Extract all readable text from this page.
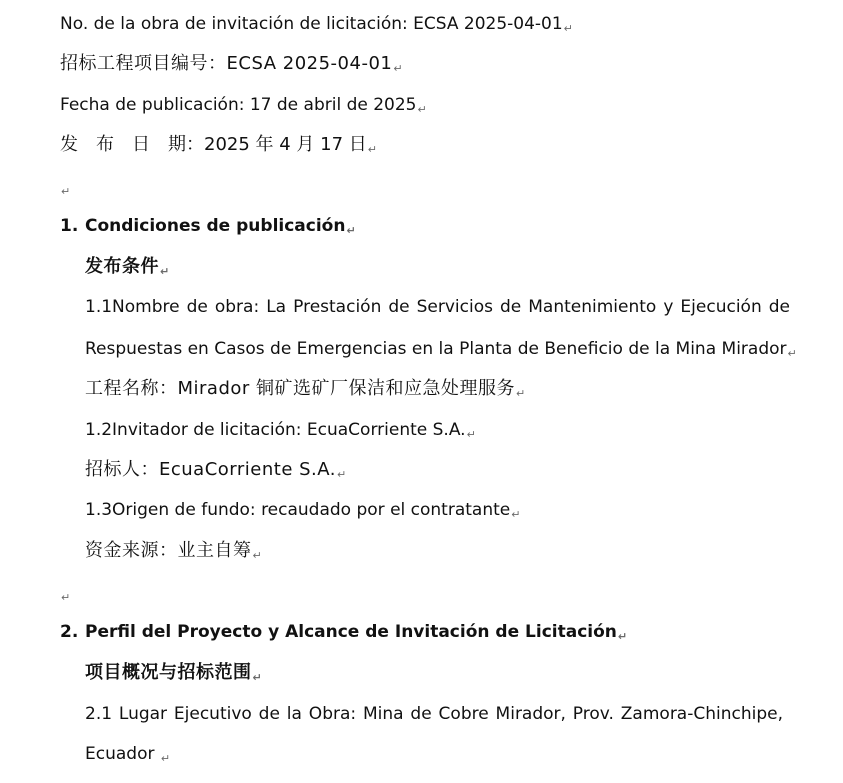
No. de la obra de invitación de licitación: ECSA 2025-04-01↵
招标工程项目编号：ECSA 2025-04-01↵
Fecha de publicación: 17 de abril de 2025↵
发　布　日　期：2025 年 4 月 17 日↵
↵
1. Condiciones de publicación↵
发布条件↵
1.1Nombre de obra: La Prestación de Servicios de Mantenimiento y Ejecución de
Respuestas en Casos de Emergencias en la Planta de Beneficio de la Mina Mirador↵
工程名称：Mirador 铜矿选矿厂保洁和应急处理服务↵
1.2Invitador de licitación: EcuaCorriente S.A.↵
招标人：EcuaCorriente S.A.↵
1.3Origen de fundo: recaudado por el contratante↵
资金来源：业主自筹↵
↵
2. Perfil del Proyecto y Alcance de Invitación de Licitación↵
项目概况与招标范围↵
2.1 Lugar Ejecutivo de la Obra: Mina de Cobre Mirador, Prov. Zamora-Chinchipe,
Ecuador ↵
